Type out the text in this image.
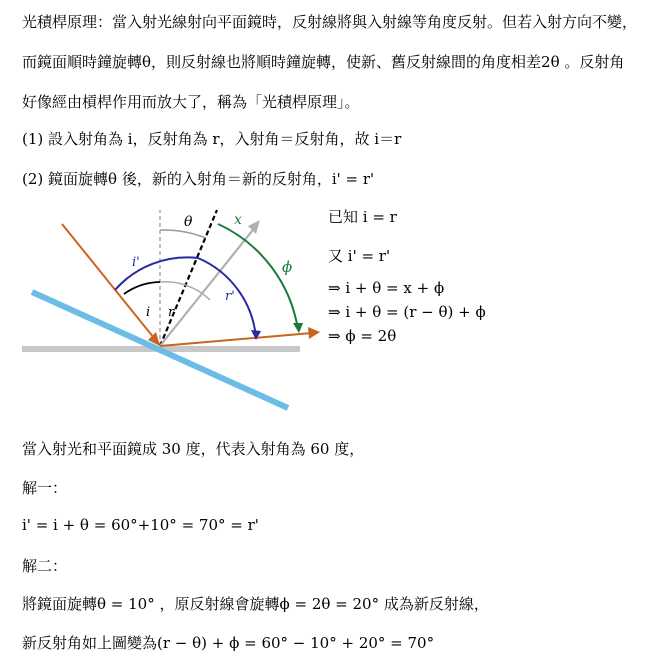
光積桿原理：當入射光線射向平面鏡時，反射線將與入射線等角度反射。但若入射方向不變，
而鏡面順時鐘旋轉θ，則反射線也將順時鐘旋轉，使新、舊反射線間的角度相差2θ 。反射角
好像經由槓桿作用而放大了，稱為「光積桿原理」。
(1) 設入射角為 i，反射角為 r，入射角＝反射角，故 i＝r
(2) 鏡面旋轉θ 後，新的入射角＝新的反射角，i' = r'
θ	x
ϕ
i'
r'
i r
已知 i = r
又 i' = r'
⇒ i + θ = x + ϕ
⇒ i + θ = (r − θ) + ϕ
⇒ ϕ = 2θ
當入射光和平面鏡成 30 度，代表入射角為 60 度，
解一：
i' = i + θ = 60°+10° = 70° = r'
解二：
將鏡面旋轉θ = 10° ，原反射線會旋轉ϕ = 2θ = 20° 成為新反射線，
新反射角如上圖變為(r − θ) + ϕ = 60° − 10° + 20° = 70°
